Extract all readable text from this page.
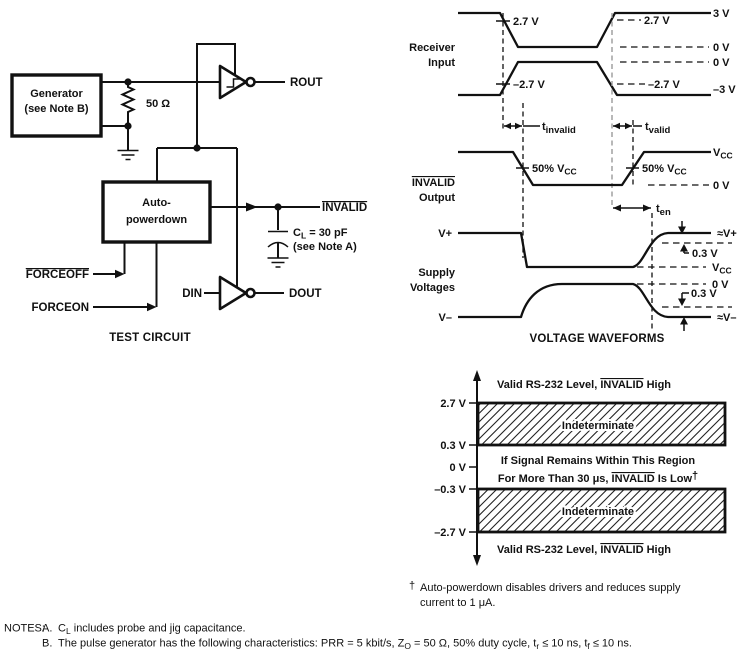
Generator
(see Note B)	50 Ω
ROUT
Auto-
powerdown
INVALID
$C_L = 30$ pF
(see Note A)
FORCEOFF
FORCEON
DIN	DOUT
TEST CIRCUIT
Receiver
Input
2.7 V
–2.7 V
2.7 V
–2.7 V
3 V
0 V
0 V
–3 V
tinvalid	tvalid
INVALID
Output
50% $V_{CC}$	50% $V_{CC}$
$V_{CC}$
0 V
ten
Supply
Voltages
V+
V–
≈V+
$V_{CC}$
0 V
≈V–
0.3 V
0.3 V
VOLTAGE WAVEFORMS
Valid RS-232 Level, INVALID High
Indeterminate
2.7 V
0.3 V
0 V
–0.3 V
–2.7 V
If Signal Remains Within This Region
For More Than 30 μs, INVALID Is Low†
Indeterminate
Valid RS-232 Level, INVALID High
† Auto-powerdown disables drivers and reduces supply
current to 1 μA.
NOTES:
A. $C_L$ includes probe and jig capacitance.
B. The pulse generator has the following characteristics: PRR = 5 kbit/s, $Z_O = 50$ Ω, 50% duty cycle, $t_r \le 10$ ns, $t_f \le 10$ ns.
